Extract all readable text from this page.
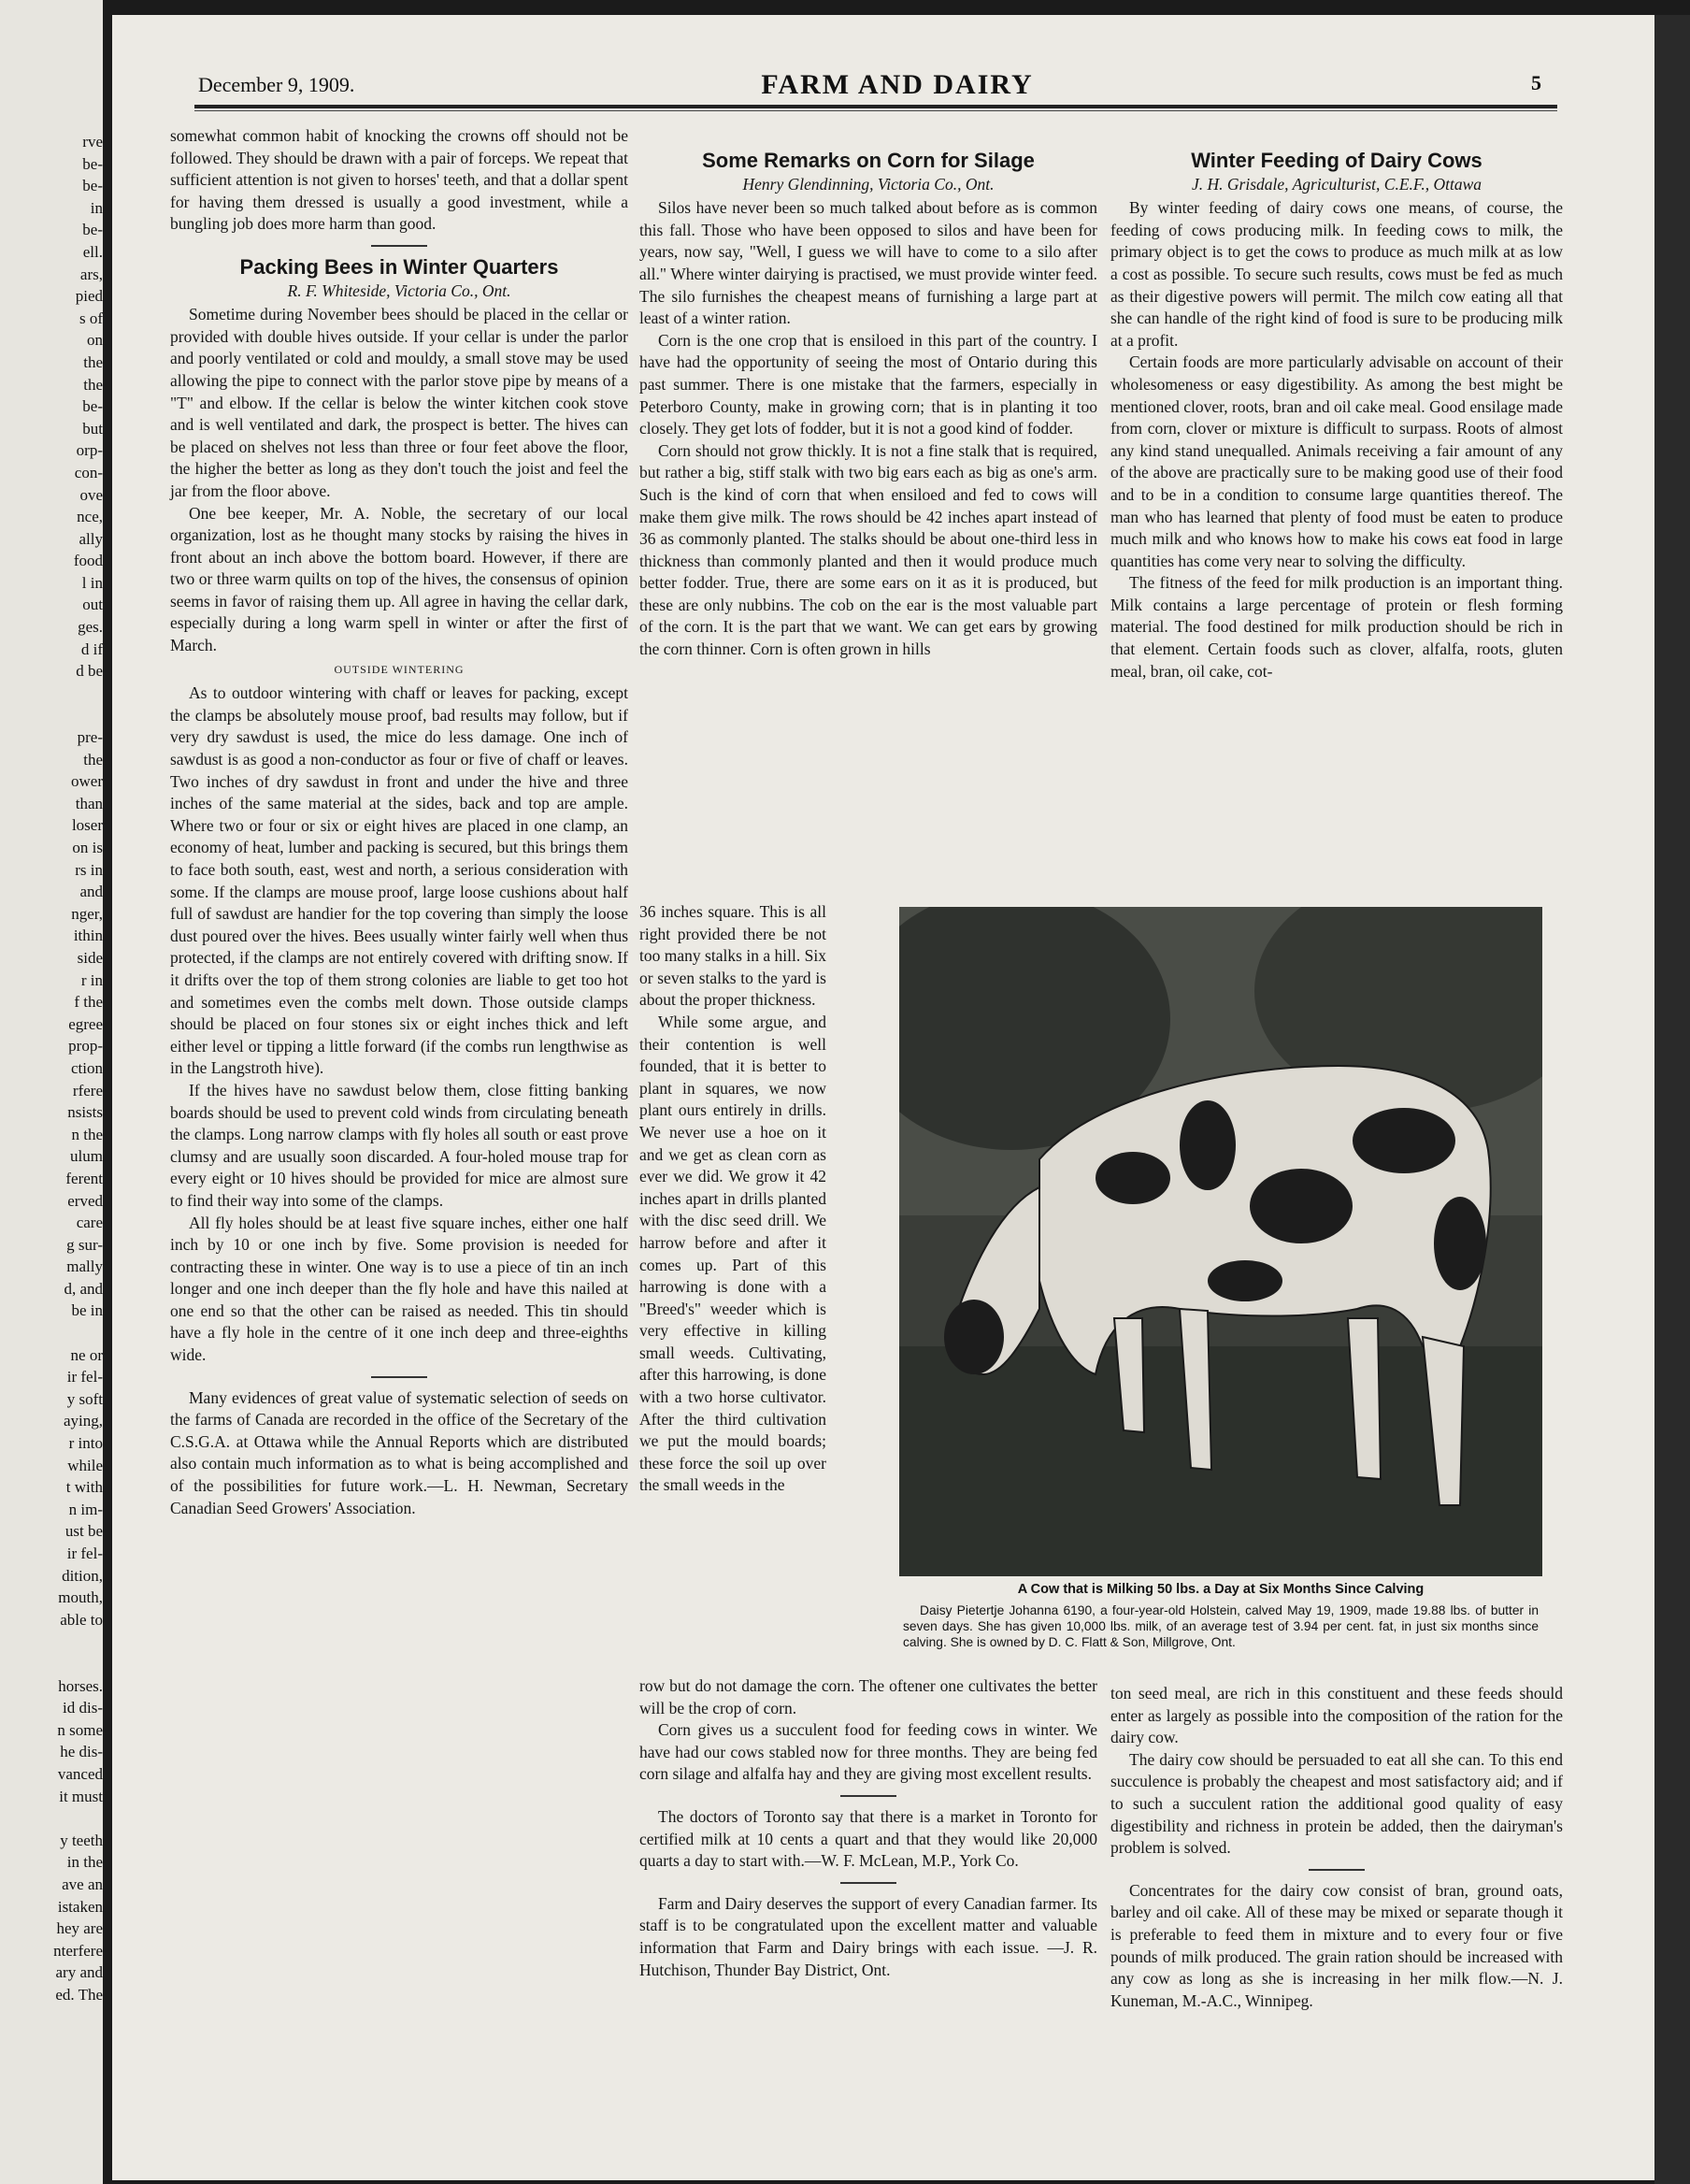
rve
be-
be-
in
be-
ell.
ars,
pied
s of
on
the
the
be-
but
orp-
con-
ove
nce,
ally
food
l in
out
ges.
d if
d be

pre-
the
ower
than
loser
on is
rs in
and
nger,
ithin
side
r in
f the
egree
prop-
ction
rfere
nsists
n the
ulum
ferent
erved
care
g sur-
mally
d, and
be in

ne or
ir fel-
y soft
aying,
r into
while
t with
n im-
ust be
ir fel-
dition,
mouth,
able to

horses.
id dis-
n some
he dis-
vanced
it must

y teeth
in the
ave an
istaken
hey are
nterfere
ary and
ed. The
December 9, 1909.	FARM AND DAIRY	5

somewhat common habit of knocking the crowns off should not be followed. They should be drawn with a pair of forceps. We repeat that sufficient attention is not given to horses' teeth, and that a dollar spent for having them dressed is usually a good investment, while a bungling job does more harm than good.

Packing Bees in Winter Quarters
R. F. Whiteside, Victoria Co., Ont.

Sometime during November bees should be placed in the cellar or provided with double hives outside. If your cellar is under the parlor and poorly ventilated or cold and mouldy, a small stove may be used allowing the pipe to connect with the parlor stove pipe by means of a "T" and elbow. If the cellar is below the winter kitchen cook stove and is well ventilated and dark, the prospect is better. The hives can be placed on shelves not less than three or four feet above the floor, the higher the better as long as they don't touch the joist and feel the jar from the floor above.

One bee keeper, Mr. A. Noble, the secretary of our local organization, lost as he thought many stocks by raising the hives in front about an inch above the bottom board. However, if there are two or three warm quilts on top of the hives, the consensus of opinion seems in favor of raising them up. All agree in having the cellar dark, especially during a long warm spell in winter or after the first of March.

OUTSIDE WINTERING

As to outdoor wintering with chaff or leaves for packing, except the clamps be absolutely mouse proof, bad results may follow, but if very dry sawdust is used, the mice do less damage. One inch of sawdust is as good a non-conductor as four or five of chaff or leaves. Two inches of dry sawdust in front and under the hive and three inches of the same material at the sides, back and top are ample. Where two or four or six or eight hives are placed in one clamp, an economy of heat, lumber and packing is secured, but this brings them to face both south, east, west and north, a serious consideration with some. If the clamps are mouse proof, large loose cushions about half full of sawdust are handier for the top covering than simply the loose dust poured over the hives. Bees usually winter fairly well when thus protected, if the clamps are not entirely covered with drifting snow. If it drifts over the top of them strong colonies are liable to get too hot and sometimes even the combs melt down. Those outside clamps should be placed on four stones six or eight inches thick and left either level or tipping a little forward (if the combs run lengthwise as in the Langstroth hive).

If the hives have no sawdust below them, close fitting banking boards should be used to prevent cold winds from circulating beneath the clamps. Long narrow clamps with fly holes all south or east prove clumsy and are usually soon discarded. A four-holed mouse trap for every eight or 10 hives should be provided for mice are almost sure to find their way into some of the clamps.

All fly holes should be at least five square inches, either one half inch by 10 or one inch by five. Some provision is needed for contracting these in winter. One way is to use a piece of tin an inch longer and one inch deeper than the fly hole and have this nailed at one end so that the other can be raised as needed. This tin should have a fly hole in the centre of it one inch deep and three-eighths wide.

Many evidences of great value of systematic selection of seeds on the farms of Canada are recorded in the office of the Secretary of the C.S.G.A. at Ottawa while the Annual Reports which are distributed also contain much information as to what is being accomplished and of the possibilities for future work.—L. H. Newman, Secretary Canadian Seed Growers' Association.

Some Remarks on Corn for Silage
Henry Glendinning, Victoria Co., Ont.

Silos have never been so much talked about before as is common this fall. Those who have been opposed to silos and have been for years, now say, "Well, I guess we will have to come to a silo after all." Where winter dairying is practised, we must provide winter feed. The silo furnishes the cheapest means of furnishing a large part at least of a winter ration.

Corn is the one crop that is ensiloed in this part of the country. I have had the opportunity of seeing the most of Ontario during this past summer. There is one mistake that the farmers, especially in Peterboro County, make in growing corn; that is in planting it too closely. They get lots of fodder, but it is not a good kind of fodder.

Corn should not grow thickly. It is not a fine stalk that is required, but rather a big, stiff stalk with two big ears each as big as one's arm. Such is the kind of corn that when ensiloed and fed to cows will make them give milk. The rows should be 42 inches apart instead of 36 as commonly planted. The stalks should be about one-third less in thickness than commonly planted and then it would produce much better fodder. True, there are some ears on it as it is produced, but these are only nubbins. The cob on the ear is the most valuable part of the corn. It is the part that we want. We can get ears by growing the corn thinner. Corn is often grown in hills

36 inches square. This is all right provided there be not too many stalks in a hill. Six or seven stalks to the yard is about the proper thickness.

While some argue, and their contention is well founded, that it is better to plant in squares, we now plant ours entirely in drills. We never use a hoe on it and we get as clean corn as ever we did. We grow it 42 inches apart in drills planted with the disc seed drill. We harrow before and after it comes up. Part of this harrowing is done with a "Breed's" weeder which is very effective in killing small weeds. Cultivating, after this harrowing, is done with a two horse cultivator. After the third cultivation we put the mould boards; these force the soil up over the small weeds in the

row but do not damage the corn. The oftener one cultivates the better will be the crop of corn.

Corn gives us a succulent food for feeding cows in winter. We have had our cows stabled now for three months. They are being fed corn silage and alfalfa hay and they are giving most excellent results.

The doctors of Toronto say that there is a market in Toronto for certified milk at 10 cents a quart and that they would like 20,000 quarts a day to start with.—W. F. McLean, M.P., York Co.

Farm and Dairy deserves the support of every Canadian farmer. Its staff is to be congratulated upon the excellent matter and valuable information that Farm and Dairy brings with each issue. —J. R. Hutchison, Thunder Bay District, Ont.

Winter Feeding of Dairy Cows
J. H. Grisdale, Agriculturist, C.E.F., Ottawa

By winter feeding of dairy cows one means, of course, the feeding of cows producing milk. In feeding cows to milk, the primary object is to get the cows to produce as much milk at as low a cost as possible. To secure such results, cows must be fed as much as their digestive powers will permit. The milch cow eating all that she can handle of the right kind of food is sure to be producing milk at a profit.

Certain foods are more particularly advisable on account of their wholesomeness or easy digestibility. As among the best might be mentioned clover, roots, bran and oil cake meal. Good ensilage made from corn, clover or mixture is difficult to surpass. Roots of almost any kind stand unequalled. Animals receiving a fair amount of any of the above are practically sure to be making good use of their food and to be in a condition to consume large quantities thereof. The man who has learned that plenty of food must be eaten to produce much milk and who knows how to make his cows eat food in large quantities has come very near to solving the difficulty.

The fitness of the feed for milk production is an important thing. Milk contains a large percentage of protein or flesh forming material. The food destined for milk production should be rich in that element. Certain foods such as clover, alfalfa, roots, gluten meal, bran, oil cake, cot-

ton seed meal, are rich in this constituent and these feeds should enter as largely as possible into the composition of the ration for the dairy cow.

The dairy cow should be persuaded to eat all she can. To this end succulence is probably the cheapest and most satisfactory aid; and if to such a succulent ration the additional good quality of easy digestibility and richness in protein be added, then the dairyman's problem is solved.

Concentrates for the dairy cow consist of bran, ground oats, barley and oil cake. All of these may be mixed or separate though it is preferable to feed them in mixture and to every four or five pounds of milk produced. The grain ration should be increased with any cow as long as she is increasing in her milk flow.—N. J. Kuneman, M.-A.C., Winnipeg.

A Cow that is Milking 50 lbs. a Day at Six Months Since Calving
Daisy Pietertje Johanna 6190, a four-year-old Holstein, calved May 19, 1909, made 19.88 lbs. of butter in seven days. She has given 10,000 lbs. milk, of an average test of 3.94 per cent. fat, in just six months since calving. She is owned by D. C. Flatt & Son, Millgrove, Ont.
